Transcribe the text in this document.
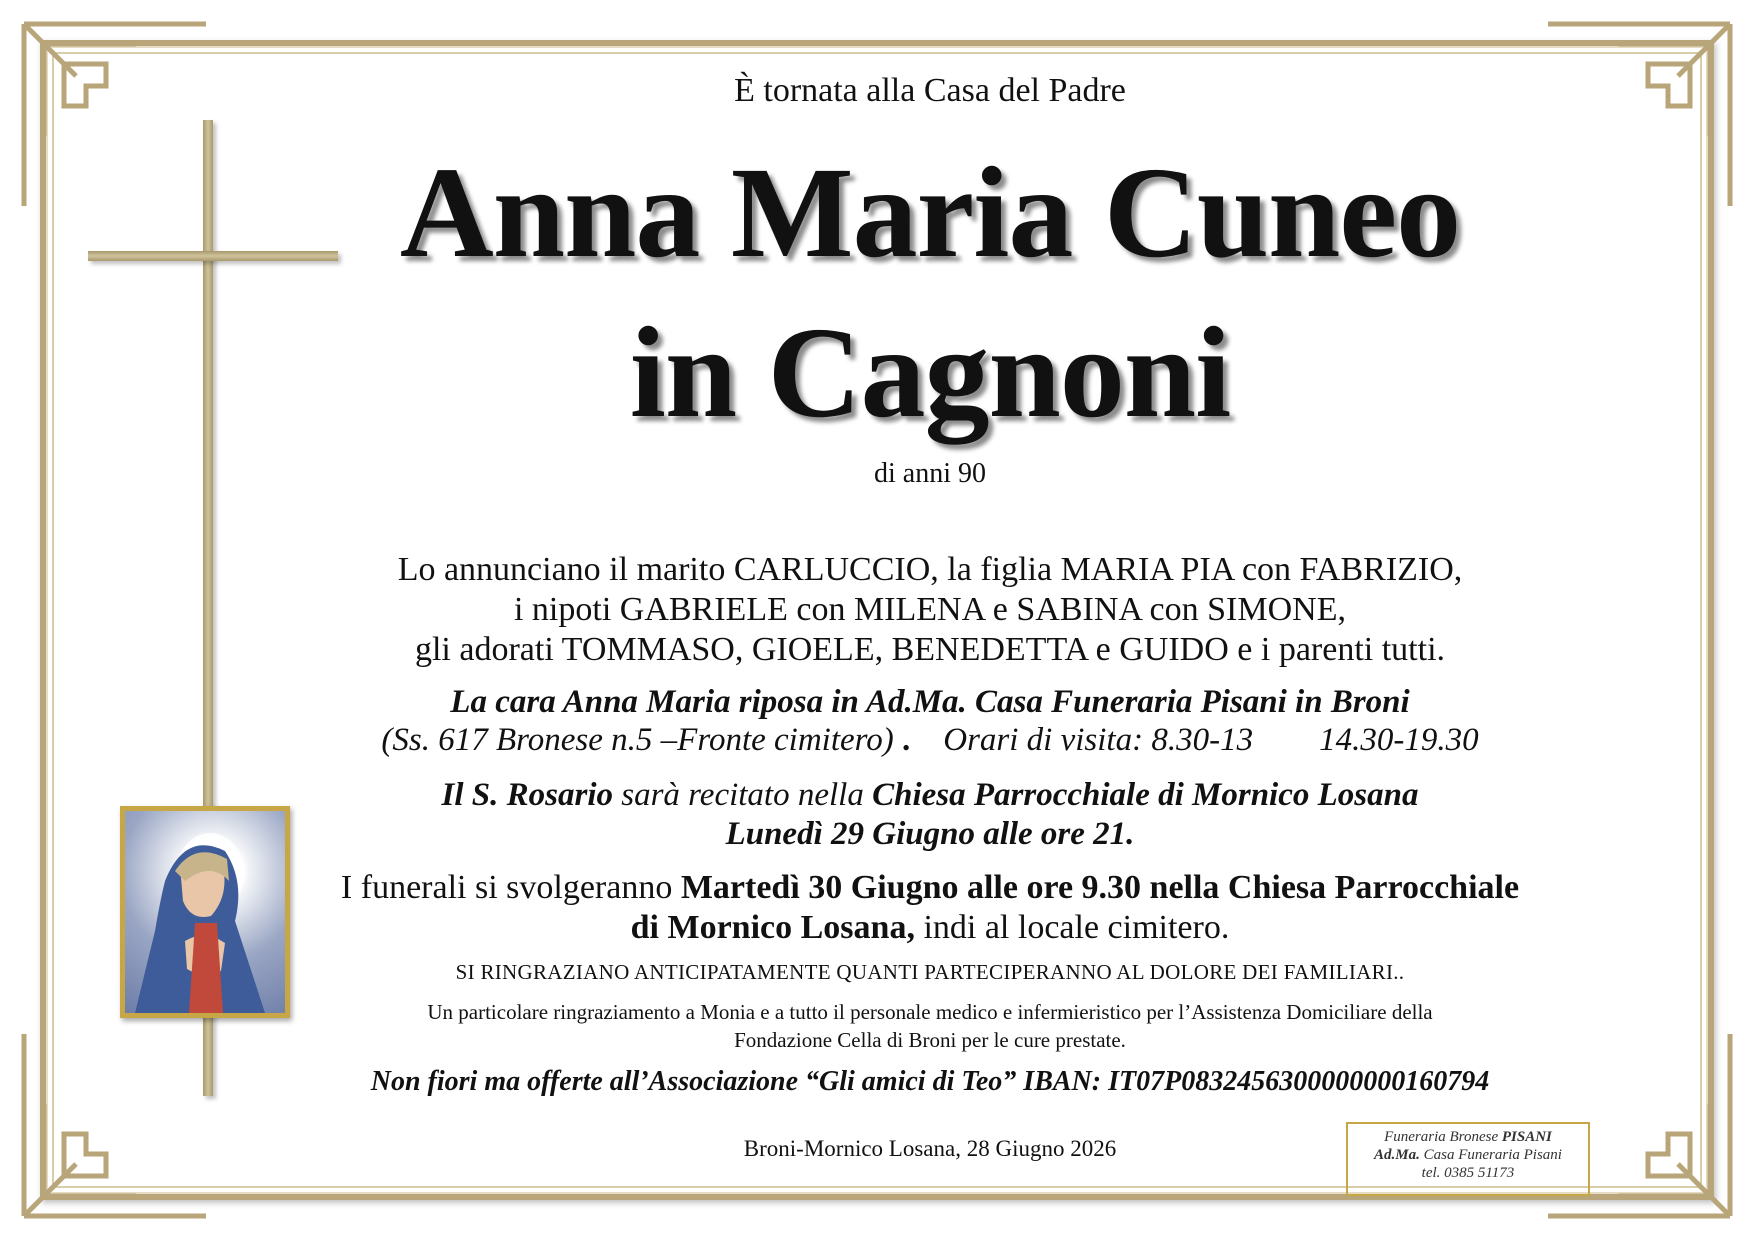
È tornata alla Casa del Padre
Anna Maria Cuneo
in Cagnoni
di anni 90
Lo annunciano il marito CARLUCCIO, la figlia MARIA PIA con FABRIZIO,
i nipoti GABRIELE con MILENA e SABINA con SIMONE,
gli adorati TOMMASO, GIOELE, BENEDETTA e GUIDO e i parenti tutti.
La cara Anna Maria riposa in Ad.Ma. Casa Funeraria Pisani in Broni
(Ss. 617 Bronese n.5 –Fronte cimitero) . Orari di visita: 8.30-13 14.30-19.30
Il S. Rosario sarà recitato nella Chiesa Parrocchiale di Mornico Losana
Lunedì 29 Giugno alle ore 21.
I funerali si svolgeranno Martedì 30 Giugno alle ore 9.30 nella Chiesa Parrocchiale
di Mornico Losana, indi al locale cimitero.
SI RINGRAZIANO ANTICIPATAMENTE QUANTI PARTECIPERANNO AL DOLORE DEI FAMILIARI..
Un particolare ringraziamento a Monia e a tutto il personale medico e infermieristico per l’Assistenza Domiciliare della
Fondazione Cella di Broni per le cure prestate.
Non fiori ma offerte all’Associazione “Gli amici di Teo” IBAN: IT07P0832456300000000160794
Broni-Mornico Losana, 28 Giugno 2026	Funeraria Bronese PISANI
Ad.Ma. Casa Funeraria Pisani
tel. 0385 51173
